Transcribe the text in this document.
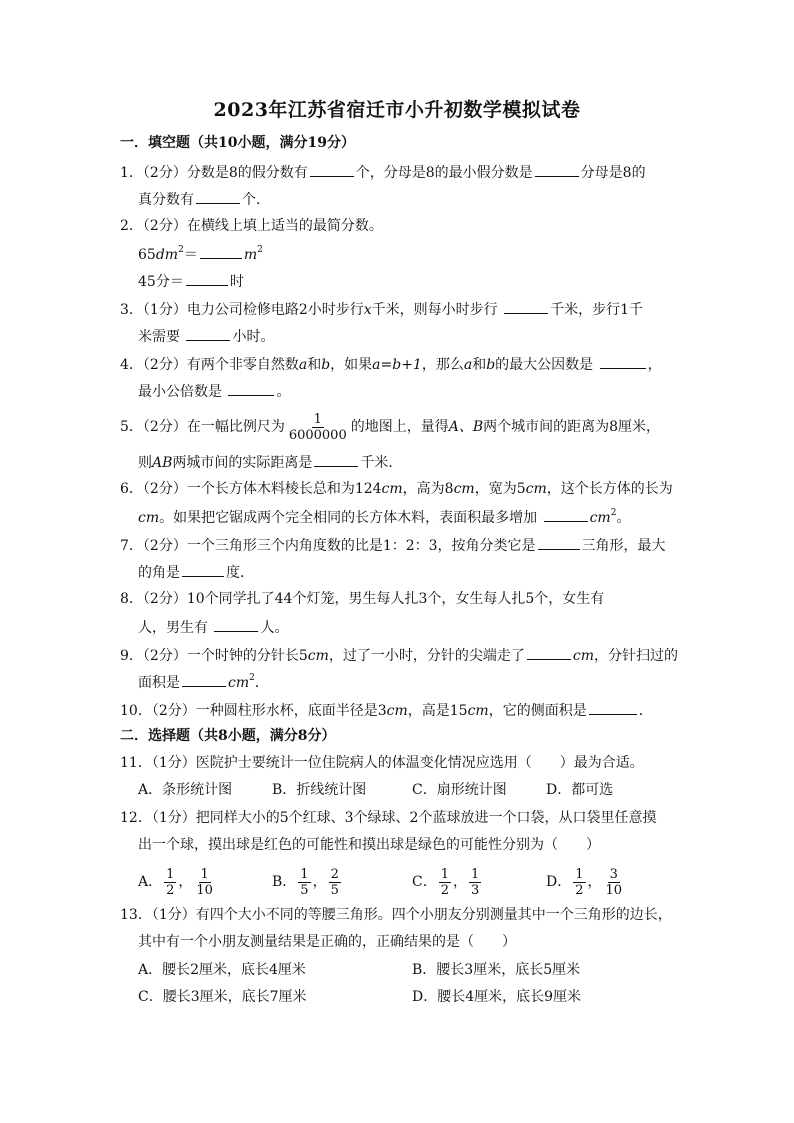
2023年江苏省宿迁市小升初数学模拟试卷
一．填空题（共10小题，满分19分）
1．（2分）分数是8的假分数有	个，分母是8的最小假分数是	分母是8的
真分数有	个．
2．（2分）在横线上填上适当的最简分数。
$65dm^2=$	$m^2$
45分＝	时
3．（1分）电力公司检修电路2小时步行x千米，则每小时步行	千米，步行1千
米需要	小时。
4．（2分）有两个非零自然数a和b，如果a=b+1，那么a和b的最大公因数是	，
最小公倍数是	。
5．（2分）在一幅比例尺为 $\frac{1}{6000000}$ 的地图上，量得A、B两个城市间的距离为8厘米，
则AB两城市间的实际距离是	千米．
6．（2分）一个长方体木料棱长总和为124cm，高为8cm，宽为5cm，这个长方体的长为
cm。如果把它锯成两个完全相同的长方体木料，表面积最多增加	$cm^2$。
7．（2分）一个三角形三个内角度数的比是1：2：3，按角分类它是	三角形，最大
的角是	度．
8．（2分）10个同学扎了44个灯笼，男生每人扎3个，女生每人扎5个，女生有
人，男生有	人。
9．（2分）一个时钟的分针长5cm，过了一小时，分针的尖端走了	cm，分针扫过的
面积是	$cm^2$．
10．（2分）一种圆柱形水杯，底面半径是3cm，高是15cm，它的侧面积是	．
二．选择题（共8小题，满分8分）
11．（1分）医院护士要统计一位住院病人的体温变化情况应选用（　　）最为合适。
A．条形统计图	B．折线统计图	C．扇形统计图	D．都可选
12．（1分）把同样大小的5个红球、3个绿球、2个蓝球放进一个口袋，从口袋里任意摸
出一个球，摸出球是红色的可能性和摸出球是绿色的可能性分别为（　　）
A． $\frac{1}{2}$ ， $\frac{1}{10}$	B． $\frac{1}{5}$ ， $\frac{2}{5}$	C． $\frac{1}{2}$ ， $\frac{1}{3}$	D． $\frac{1}{2}$ ， $\frac{3}{10}$
13．（1分）有四个大小不同的等腰三角形。四个小朋友分别测量其中一个三角形的边长，
其中有一个小朋友测量结果是正确的，正确结果的是（　　）
A．腰长2厘米，底长4厘米	B．腰长3厘米，底长5厘米
C．腰长3厘米，底长7厘米	D．腰长4厘米，底长9厘米
